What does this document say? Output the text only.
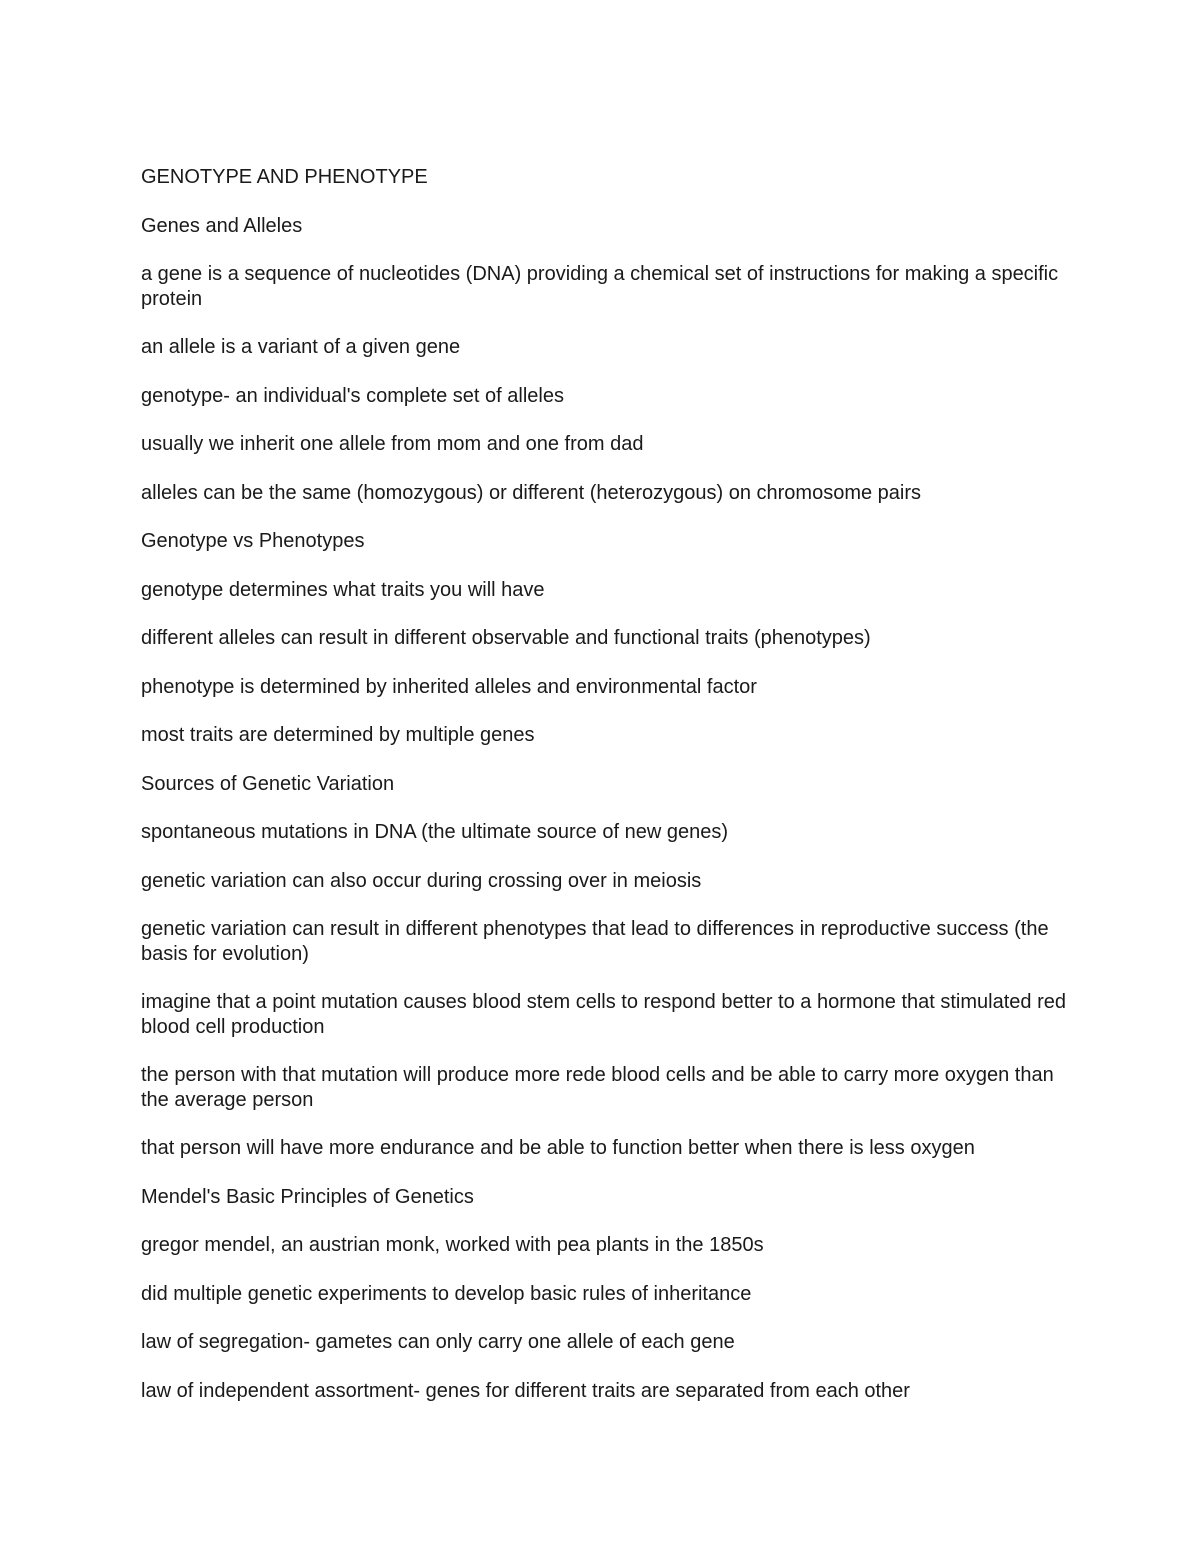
GENOTYPE AND PHENOTYPE

Genes and Alleles

a gene is a sequence of nucleotides (DNA) providing a chemical set of instructions for making a specific protein

an allele is a variant of a given gene

genotype- an individual's complete set of alleles

usually we inherit one allele from mom and one from dad

alleles can be the same (homozygous) or different (heterozygous) on chromosome pairs

Genotype vs Phenotypes

genotype determines what traits you will have

different alleles can result in different observable and functional traits (phenotypes)

phenotype is determined by inherited alleles and environmental factor

most traits are determined by multiple genes

Sources of Genetic Variation

spontaneous mutations in DNA (the ultimate source of new genes)

genetic variation can also occur during crossing over in meiosis

genetic variation can result in different phenotypes that lead to differences in reproductive success (the basis for evolution)

imagine that a point mutation causes blood stem cells to respond better to a hormone that stimulated red blood cell production

the person with that mutation will produce more rede blood cells and be able to carry more oxygen than the average person

that person will have more endurance and be able to function better when there is less oxygen

Mendel's Basic Principles of Genetics

gregor mendel, an austrian monk, worked with pea plants in the 1850s

did multiple genetic experiments to develop basic rules of inheritance

law of segregation- gametes can only carry one allele of each gene

law of independent assortment- genes for different traits are separated from each other
